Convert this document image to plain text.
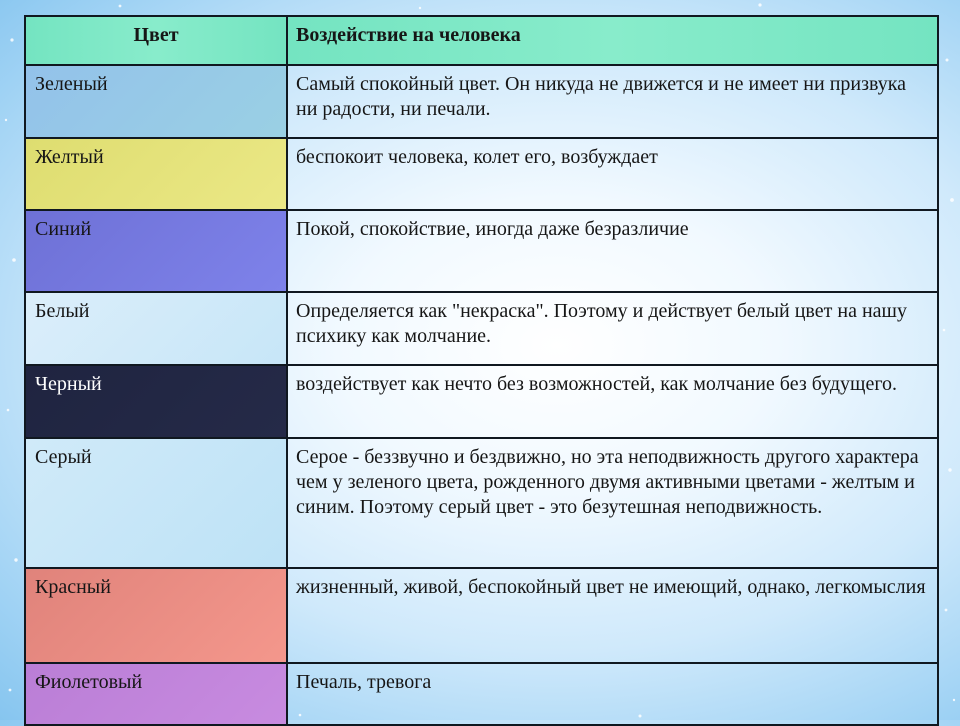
Цвет	Воздействие на человека
Зеленый	Самый спокойный цвет. Он никуда не движется и не имеет ни призвука ни радости, ни печали.
Желтый	беспокоит человека, колет его, возбуждает
Синий	Покой, спокойствие, иногда даже безразличие
Белый	Определяется как "некраска". Поэтому и действует белый цвет на нашу психику как молчание.
Черный	воздействует как нечто без возможностей, как молчание без будущего.
Серый	Серое - беззвучно и бездвижно, но эта неподвижность другого характера чем у зеленого цвета, рожденного двумя активными цветами - желтым и синим. Поэтому серый цвет - это безутешная неподвижность.
Красный	жизненный, живой, беспокойный цвет не имеющий, однако, легкомыслия
Фиолетовый	Печаль, тревога
